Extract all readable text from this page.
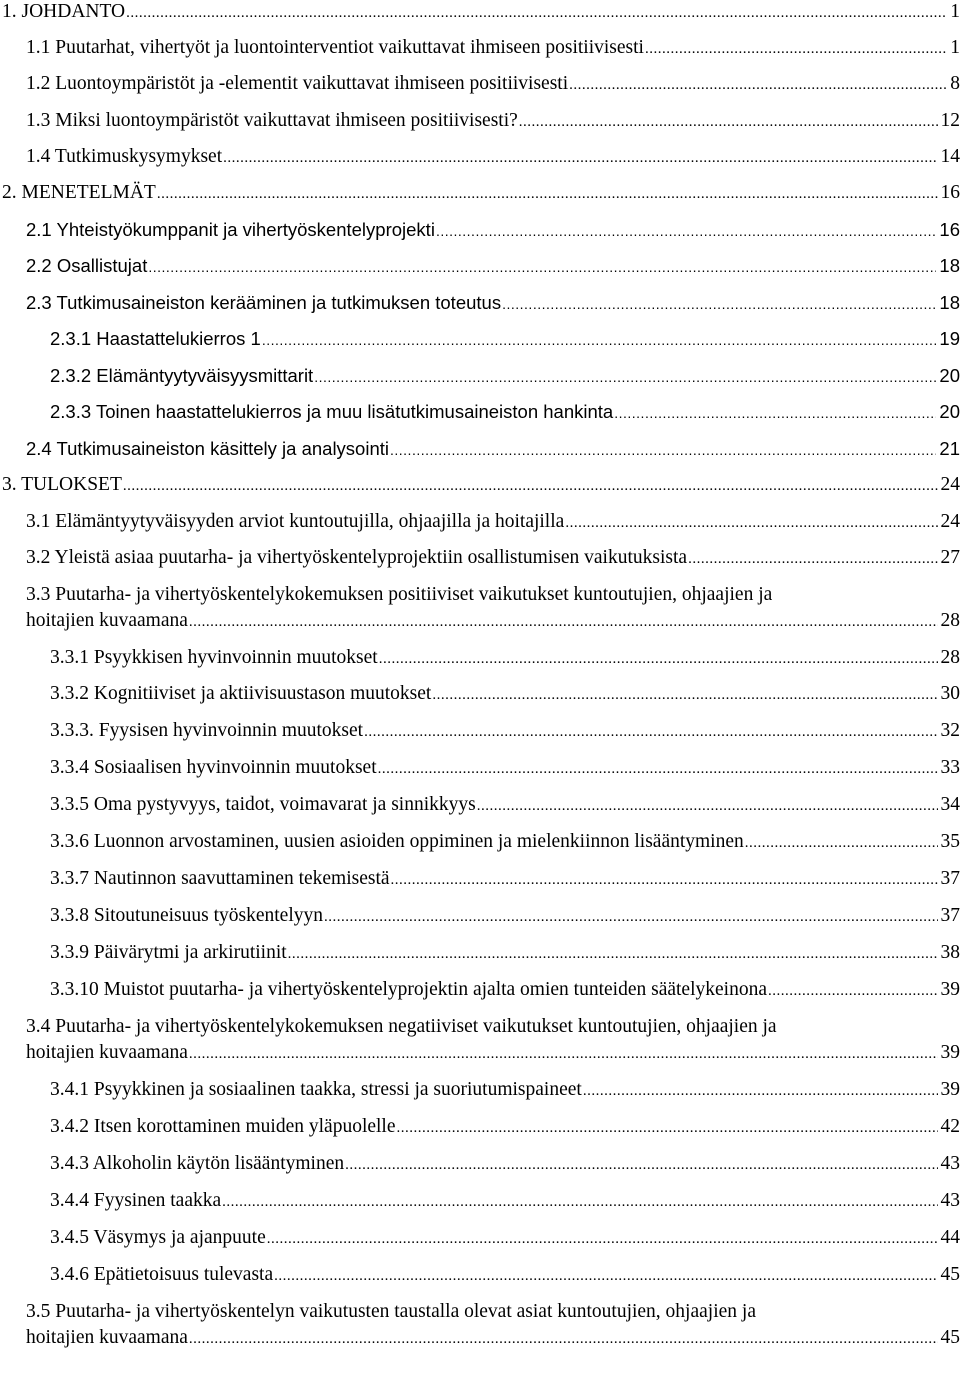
1. JOHDANTO .....	1
1.1 Puutarhat, vihertyöt ja luontointerventiot vaikuttavat ihmiseen positiivisesti .....	1
1.2 Luontoympäristöt ja -elementit vaikuttavat ihmiseen positiivisesti .....	8
1.3 Miksi luontoympäristöt vaikuttavat ihmiseen positiivisesti? .....	12
1.4 Tutkimuskysymykset .....	14
2. MENETELMÄT .....	16
2.1 Yhteistyökumppanit ja vihertyöskentelyprojekti .....	16
2.2 Osallistujat .....	18
2.3 Tutkimusaineiston kerääminen ja tutkimuksen toteutus .....	18
2.3.1 Haastattelukierros 1 .....	19
2.3.2 Elämäntyytyväisyysmittarit .....	20
2.3.3 Toinen haastattelukierros ja muu lisätutkimusaineiston hankinta .....	20
2.4 Tutkimusaineiston käsittely ja analysointi .....	21
3. TULOKSET .....	24
3.1 Elämäntyytyväisyyden arviot kuntoutujilla, ohjaajilla ja hoitajilla .....	24
3.2 Yleistä asiaa puutarha- ja vihertyöskentelyprojektiin osallistumisen vaikutuksista .....	27
3.3 Puutarha- ja vihertyöskentelykokemuksen positiiviset vaikutukset kuntoutujien, ohjaajien ja
hoitajien kuvaamana .....	28
3.3.1 Psyykkisen hyvinvoinnin muutokset .....	28
3.3.2 Kognitiiviset ja aktiivisuustason muutokset .....	30
3.3.3. Fyysisen hyvinvoinnin muutokset .....	32
3.3.4 Sosiaalisen hyvinvoinnin muutokset .....	33
3.3.5 Oma pystyvyys, taidot, voimavarat ja sinnikkyys .....	34
3.3.6 Luonnon arvostaminen, uusien asioiden oppiminen ja mielenkiinnon lisääntyminen .....	35
3.3.7 Nautinnon saavuttaminen tekemisestä .....	37
3.3.8 Sitoutuneisuus työskentelyyn .....	37
3.3.9 Päivärytmi ja arkirutiinit .....	38
3.3.10 Muistot puutarha- ja vihertyöskentelyprojektin ajalta omien tunteiden säätelykeinona .....	39
3.4 Puutarha- ja vihertyöskentelykokemuksen negatiiviset vaikutukset kuntoutujien, ohjaajien ja
hoitajien kuvaamana .....	39
3.4.1 Psyykkinen ja sosiaalinen taakka, stressi ja suoriutumispaineet .....	39
3.4.2 Itsen korottaminen muiden yläpuolelle .....	42
3.4.3 Alkoholin käytön lisääntyminen .....	43
3.4.4 Fyysinen taakka .....	43
3.4.5 Väsymys ja ajanpuute .....	44
3.4.6 Epätietoisuus tulevasta .....	45
3.5 Puutarha- ja vihertyöskentelyn vaikutusten taustalla olevat asiat kuntoutujien, ohjaajien ja
hoitajien kuvaamana .....	45
